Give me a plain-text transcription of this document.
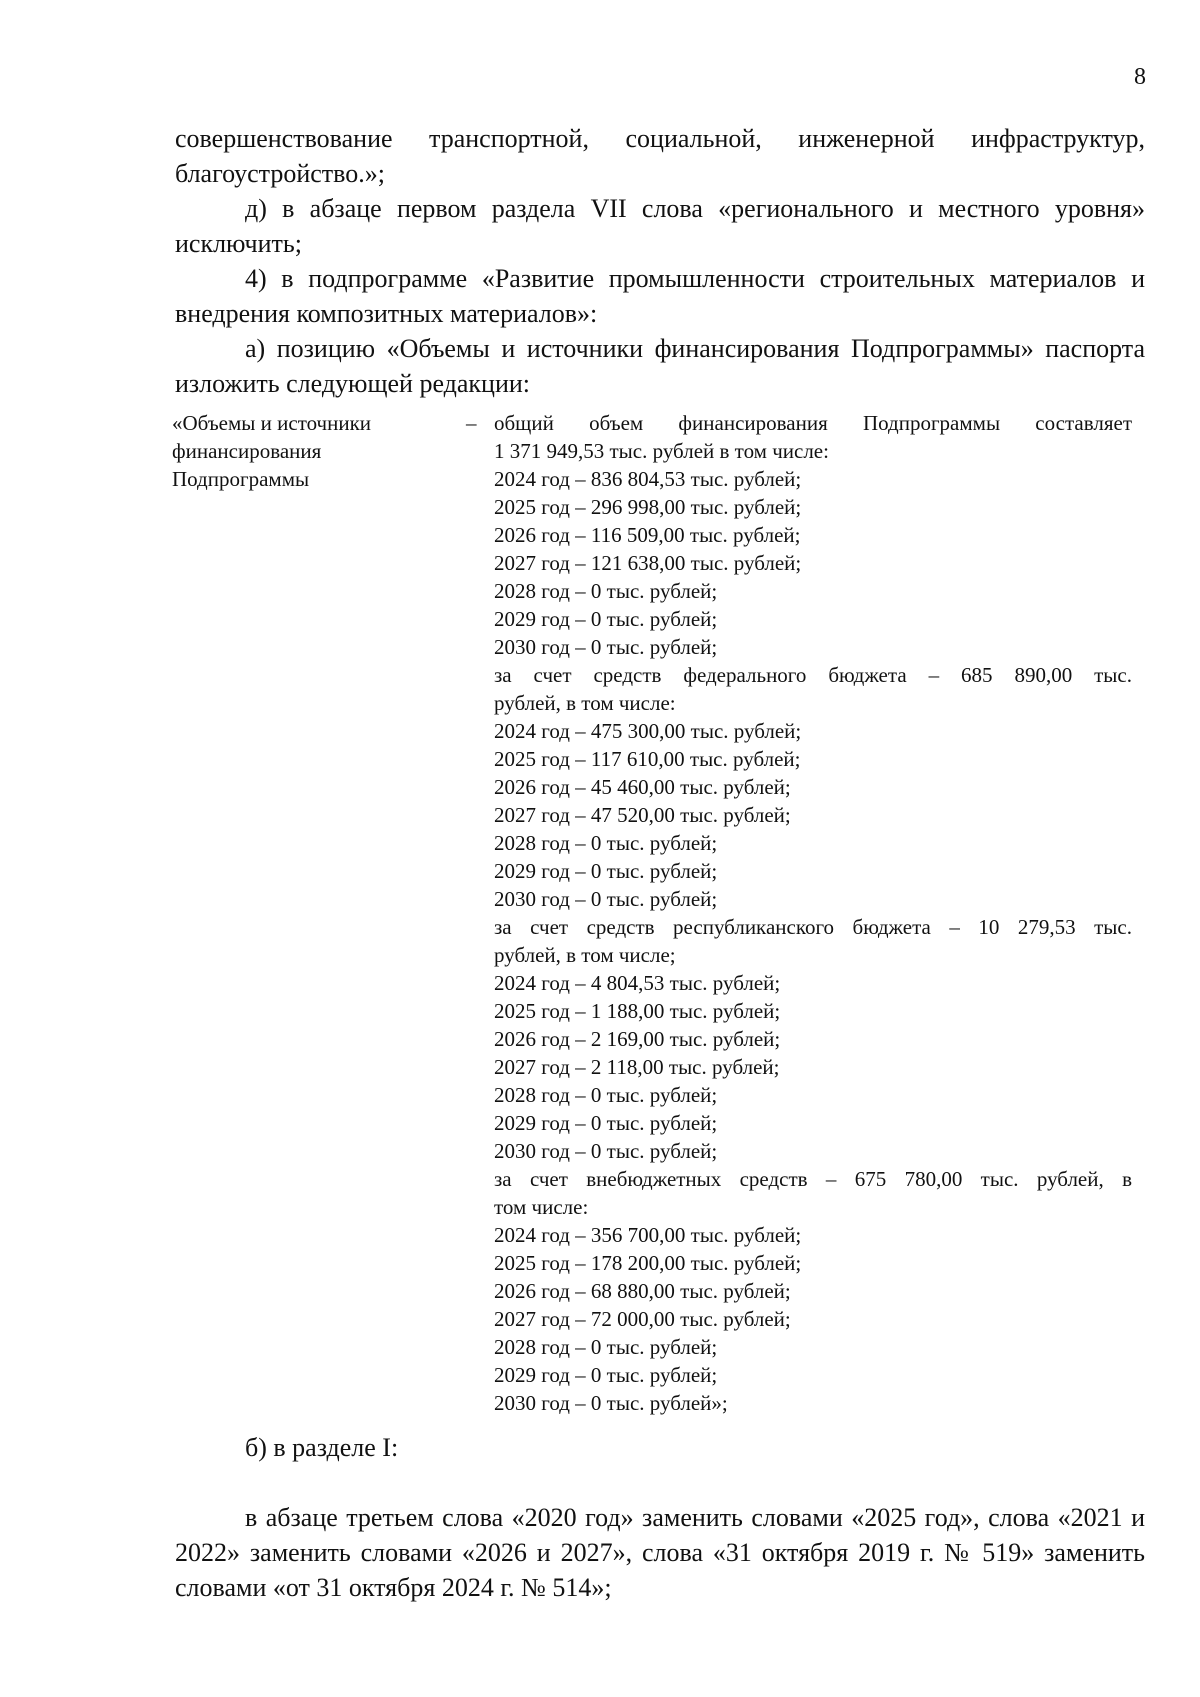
8

совершенствование транспортной, социальной, инженерной инфраструктур, благоустройство.»;

д) в абзаце первом раздела VII слова «регионального и местного уровня» исключить;

4) в подпрограмме «Развитие промышленности строительных материалов и внедрения композитных материалов»:

а) позицию «Объемы и источники финансирования Подпрограммы» паспорта изложить следующей редакции:

«Объемы и источники финансирования Подпрограммы
– общий объем финансирования Подпрограммы составляет
1 371 949,53 тыс. рублей в том числе:
2024 год – 836 804,53 тыс. рублей;
2025 год – 296 998,00 тыс. рублей;
2026 год – 116 509,00 тыс. рублей;
2027 год – 121 638,00 тыс. рублей;
2028 год – 0 тыс. рублей;
2029 год – 0 тыс. рублей;
2030 год – 0 тыс. рублей;
за счет средств федерального бюджета – 685 890,00 тыс.
рублей, в том числе:
2024 год – 475 300,00 тыс. рублей;
2025 год – 117 610,00 тыс. рублей;
2026 год – 45 460,00 тыс. рублей;
2027 год – 47 520,00 тыс. рублей;
2028 год – 0 тыс. рублей;
2029 год – 0 тыс. рублей;
2030 год – 0 тыс. рублей;
за счет средств республиканского бюджета – 10 279,53 тыс.
рублей, в том числе;
2024 год – 4 804,53 тыс. рублей;
2025 год – 1 188,00 тыс. рублей;
2026 год – 2 169,00 тыс. рублей;
2027 год – 2 118,00 тыс. рублей;
2028 год – 0 тыс. рублей;
2029 год – 0 тыс. рублей;
2030 год – 0 тыс. рублей;
за счет внебюджетных средств – 675 780,00 тыс. рублей, в
том числе:
2024 год – 356 700,00 тыс. рублей;
2025 год – 178 200,00 тыс. рублей;
2026 год – 68 880,00 тыс. рублей;
2027 год – 72 000,00 тыс. рублей;
2028 год – 0 тыс. рублей;
2029 год – 0 тыс. рублей;
2030 год – 0 тыс. рублей»;

б) в разделе I:

в абзаце третьем слова «2020 год» заменить словами «2025 год», слова «2021 и 2022» заменить словами «2026 и 2027», слова «31 октября 2019 г. № 519» заменить словами «от 31 октября 2024 г. № 514»;
